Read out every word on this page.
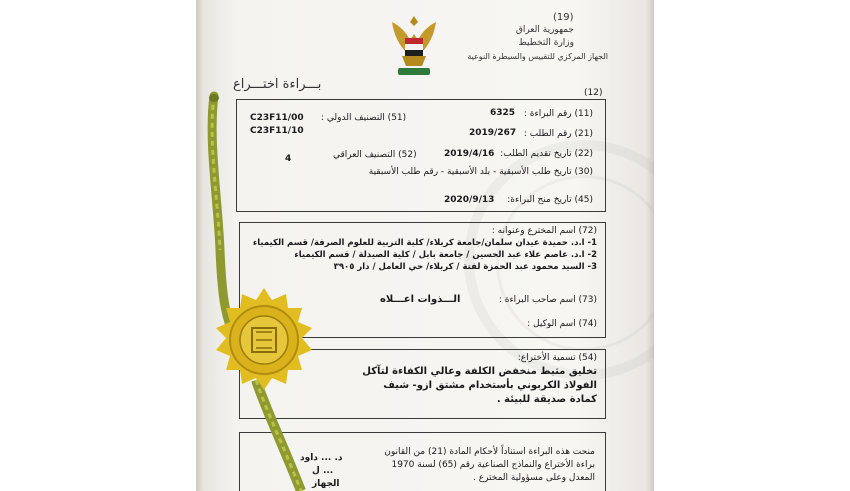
(19)
جمهورية العراق
وزارة التخطيط
الجهاز المركزي للتقييس والسيطرة النوعية
بـــراءة اختـــراع
(12)
(11) رقم البراءة :
6325
(51) التصنيف الدولي :
C23F11/00
C23F11/10	(21) رقم الطلب :
2019/267
(22) تاريخ تقديم الطلب:
2019/4/16
(52) التصنيف العراقي
4
(30) تاريخ طلب الأسبقية - بلد الأسبقية - رقم طلب الأسبقية
(45) تاريخ منح البراءة:
2020/9/13
(72) اسم المخترع وعنوانه :
1- ا.د. حميدة عيدان سلمان/جامعة كربلاء/ كلية التربية للعلوم الصرفة/ قسم الكيمياء
2- ا.د. عاصم علاء عبد الحسين / جامعة بابل / كلية الصيدلة / قسم الكيمياء
3- السيد محمود عبد الحمزة لفتة / كربلاء/ حي العامل / دار ٣٩٠٥
(73) اسم صاحب البراءة :
الـــذوات اعـــلاه
(74) اسم الوكيل :
(54) تسمية الأختراع:
تخليق مثبط منخفض الكلفة وعالي الكفاءة لتآكل
الفولاذ الكربوني بأستخدام مشتق ازو- شيف
كمادة صديقة للبيئة .
منحت هذه البراءة استناداً لأحكام المادة (21) من القانون
براءة الأختراع والنماذج الصناعية رقم (65) لسنة 1970
المعدل وعلى مسؤولية المخترع .
د. ... داود
... ل
الجهاز
